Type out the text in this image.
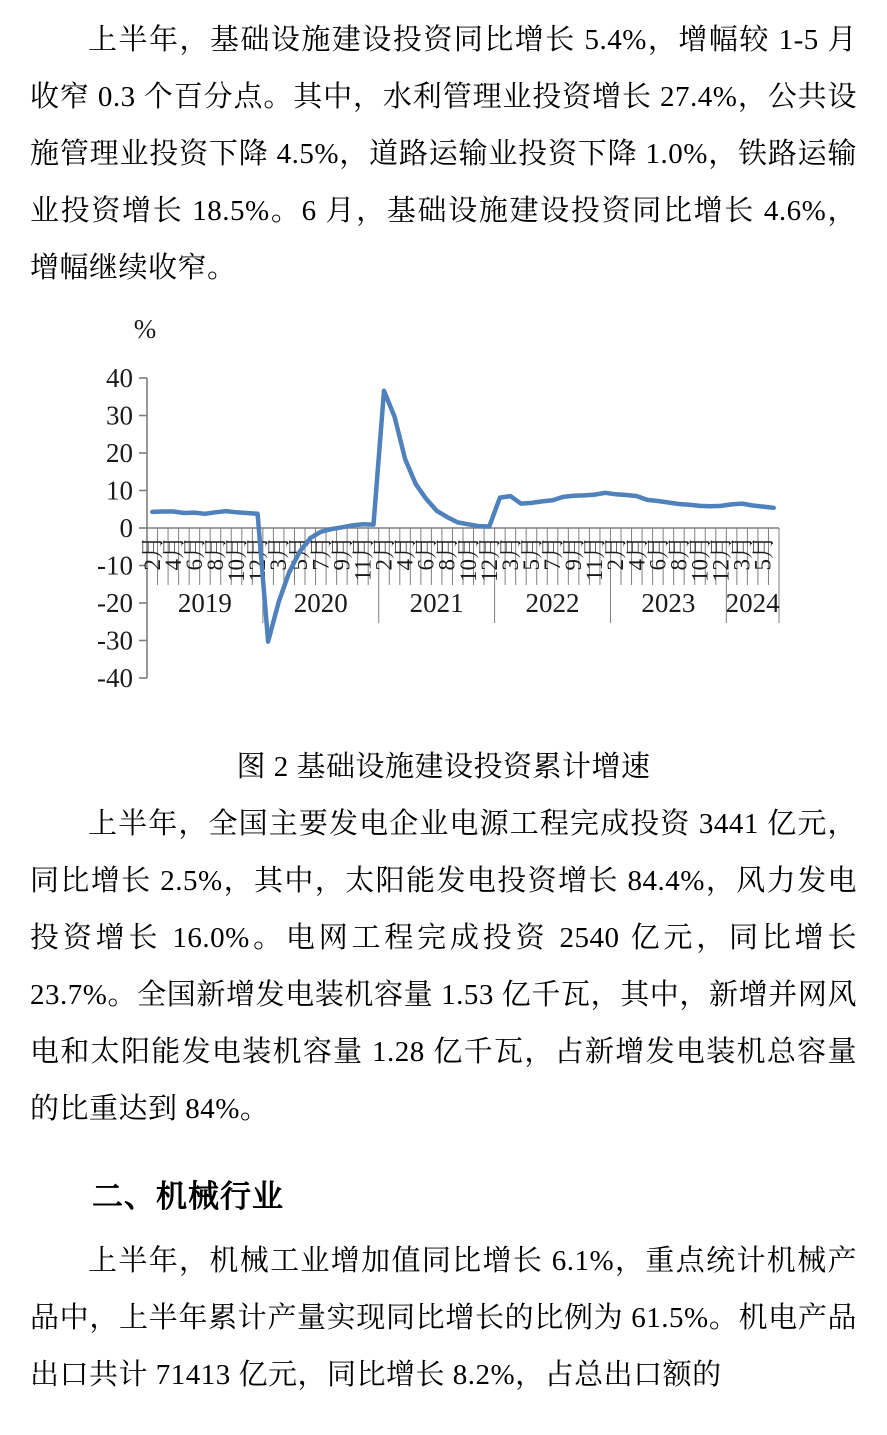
上半年，基础设施建设投资同比增长 5.4%，增幅较 1-5 月收窄 0.3 个百分点。其中，水利管理业投资增长 27.4%，公共设施管理业投资下降 4.5%，道路运输业投资下降 1.0%，铁路运输业投资增长 18.5%。6 月，基础设施建设投资同比增长 4.6%，增幅继续收窄。

%
40
30
20
10
0
-10
-20
-30
-40
2月
4月
6月
8月
10月
12月
3月
5月
7月
9月
11月
2月
4月
6月
8月
10月
12月
3月
5月
7月
9月
11月
2月
4月
6月
8月
10月
12月
3月
5月
2019 2020 2021 2022 2023 2024

图 2 基础设施建设投资累计增速

上半年，全国主要发电企业电源工程完成投资 3441 亿元，同比增长 2.5%，其中，太阳能发电投资增长 84.4%，风力发电投资增长 16.0%。电网工程完成投资 2540 亿元，同比增长 23.7%。全国新增发电装机容量 1.53 亿千瓦，其中，新增并网风电和太阳能发电装机容量 1.28 亿千瓦，占新增发电装机总容量的比重达到 84%。

二、机械行业

上半年，机械工业增加值同比增长 6.1%，重点统计机械产品中，上半年累计产量实现同比增长的比例为 61.5%。机电产品出口共计 71413 亿元，同比增长 8.2%，占总出口额的
